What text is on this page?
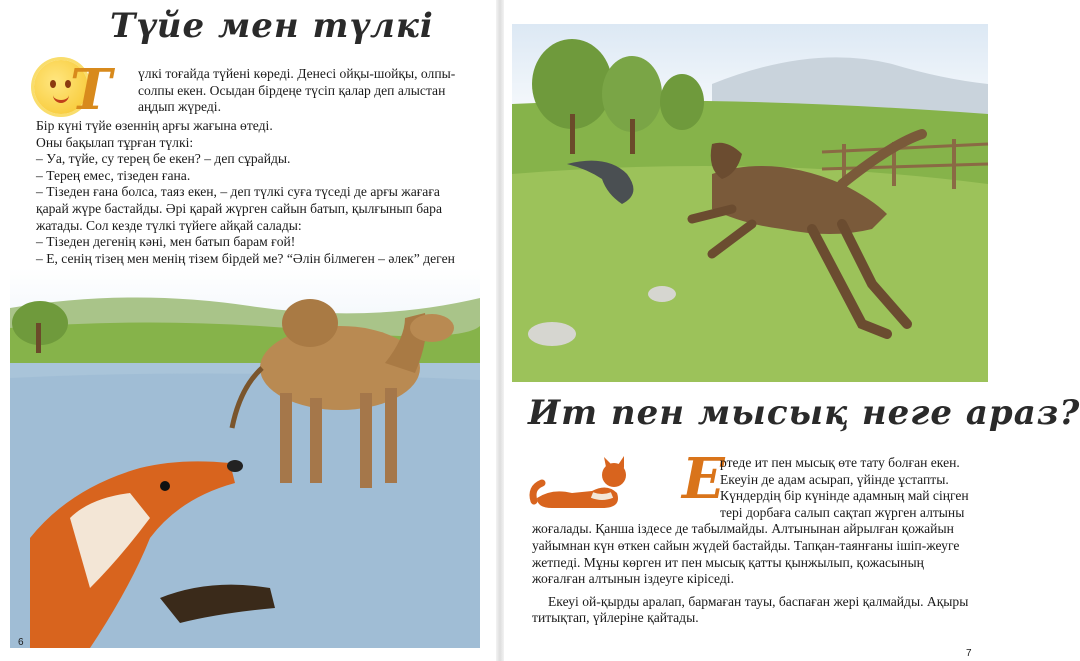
Түйе мен түлкі
Т	үлкі тоғайда түйені көреді. Денесі ойқы-шойқы, олпы-солпы екен. Осыдан бірдеңе түсіп қалар деп алыстан аңдып жүреді.

Бір күні түйе өзеннің арғы жағына өтеді.

Оны бақылап тұрған түлкі:

– Уа, түйе, су терең бе екен? – деп сұрайды.

– Терең емес, тізеден ғана.

– Тізеден ғана болса, таяз екен, – деп түлкі суға түседі де арғы жағаға қарай жүре бастайды. Әрі қарай жүрген сайын батып, қылғынып бара жатады. Сол кезде түлкі түйеге айқай салады:

– Тізеден дегенің кәні, мен батып барам ғой!

– Е, сенің тізең мен менің тізем бірдей ме? “Әлін білмеген – әлек” деген

6
Ит пен мысық неге араз?
Е

ртеде ит пен мысық өте тату болған екен. Екеуін де адам асырап, үйінде ұстапты. Күндердің бір күнінде адамның май сіңген тері дорбаға салып сақтап жүрген алтыны жоғалады. Қанша іздесе де табылмайды. Алтынынан айрылған қожайын уайымнан күн өткен сайын жүдей бастайды. Тапқан-таянғаны ішіп-жеуге жетпеді. Мұны көрген ит пен мысық қатты қынжылып, қожасының жоғалған алтынын іздеуге кіріседі.

Екеуі ой-қырды аралап, бармаған тауы, баспаған жері қалмайды. Ақыры титықтап, үйлеріне қайтады.

7
